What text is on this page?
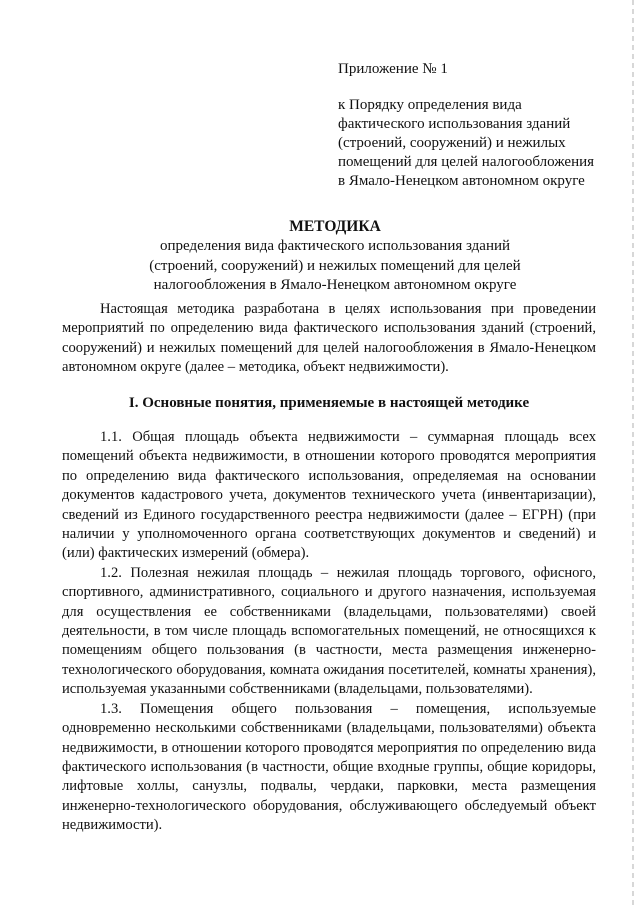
Приложение № 1
к Порядку определения вида
фактического использования зданий
(строений, сооружений) и нежилых
помещений для целей налогообложения
в Ямало-Ненецком автономном округе
МЕТОДИКА
определения вида фактического использования зданий
(строений, сооружений) и нежилых помещений для целей
налогообложения в Ямало-Ненецком автономном округе
Настоящая методика разработана в целях использования при проведении мероприятий по определению вида фактического использования зданий (строений, сооружений) и нежилых помещений для целей налогообложения в Ямало-Ненецком автономном округе (далее – методика, объект недвижимости).
I. Основные понятия, применяемые в настоящей методике

1.1. Общая площадь объекта недвижимости – суммарная площадь всех помещений объекта недвижимости, в отношении которого проводятся мероприятия по определению вида фактического использования, определяемая на основании документов кадастрового учета, документов технического учета (инвентаризации), сведений из Единого государственного реестра недвижимости (далее – ЕГРН) (при наличии у уполномоченного органа соответствующих документов и сведений) и (или) фактических измерений (обмера).

1.2. Полезная нежилая площадь – нежилая площадь торгового, офисного, спортивного, административного, социального и другого назначения, используемая для осуществления ее собственниками (владельцами, пользователями) своей деятельности, в том числе площадь вспомогательных помещений, не относящихся к помещениям общего пользования (в частности, места размещения инженерно-технологического оборудования, комната ожидания посетителей, комнаты хранения), используемая указанными собственниками (владельцами, пользователями).

1.3. Помещения общего пользования – помещения, используемые одновременно несколькими собственниками (владельцами, пользователями) объекта недвижимости, в отношении которого проводятся мероприятия по определению вида фактического использования (в частности, общие входные группы, общие коридоры, лифтовые холлы, санузлы, подвалы, чердаки, парковки, места размещения инженерно-технологического оборудования, обслуживающего обследуемый объект недвижимости).
